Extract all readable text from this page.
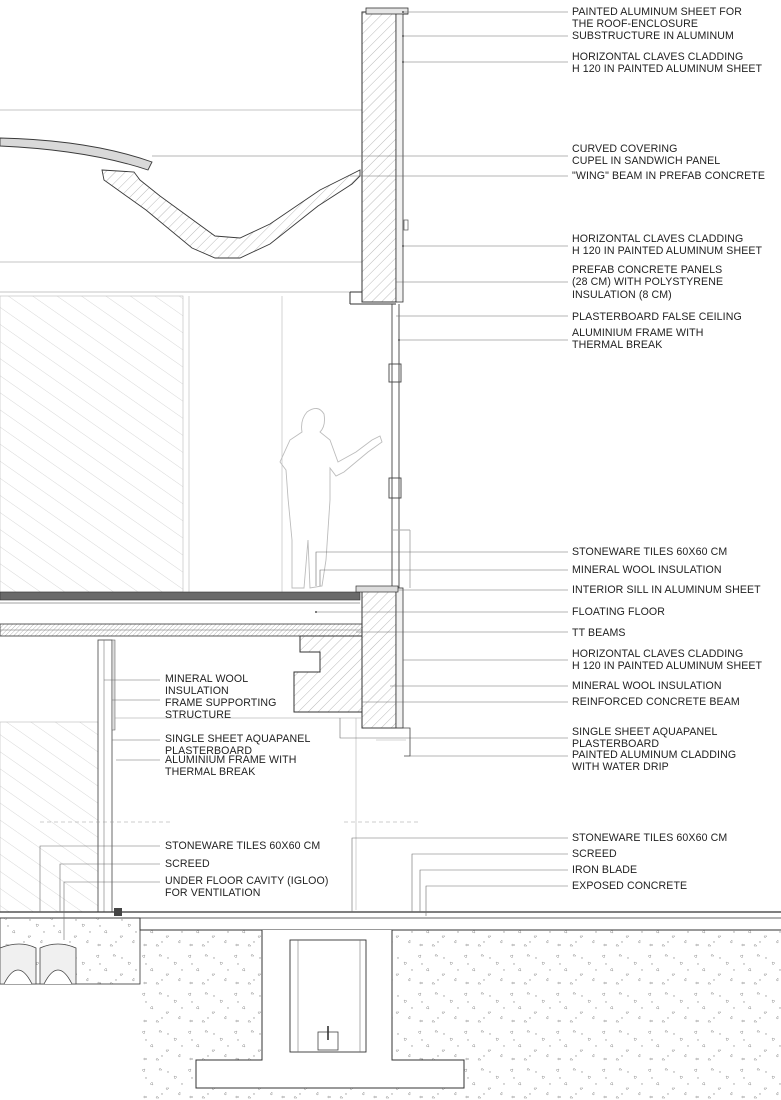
PAINTED ALUMINUM SHEET FOR
THE ROOF-ENCLOSURE
SUBSTRUCTURE IN ALUMINUM
HORIZONTAL CLAVES CLADDING
H 120 IN PAINTED ALUMINUM SHEET
CURVED COVERING
CUPEL IN SANDWICH PANEL
"WING" BEAM IN PREFAB CONCRETE
HORIZONTAL CLAVES CLADDING
H 120 IN PAINTED ALUMINUM SHEET
PREFAB CONCRETE PANELS
(28 CM) WITH POLYSTYRENE
INSULATION (8 CM)
PLASTERBOARD FALSE CEILING
ALUMINIUM FRAME WITH
THERMAL BREAK
STONEWARE TILES 60X60 CM
MINERAL WOOL INSULATION
INTERIOR SILL IN ALUMINUM SHEET
FLOATING FLOOR
TT BEAMS
HORIZONTAL CLAVES CLADDING
H 120 IN PAINTED ALUMINUM SHEET
MINERAL WOOL INSULATION
REINFORCED CONCRETE BEAM
SINGLE SHEET AQUAPANEL
PLASTERBOARD
PAINTED ALUMINUM CLADDING
WITH WATER DRIP
STONEWARE TILES 60X60 CM
SCREED
IRON BLADE
EXPOSED CONCRETE
MINERAL WOOL
INSULATION
FRAME SUPPORTING
STRUCTURE
SINGLE SHEET AQUAPANEL
PLASTERBOARD
ALUMINIUM FRAME WITH
THERMAL BREAK
STONEWARE TILES 60X60 CM
SCREED
UNDER FLOOR CAVITY (IGLOO)
FOR VENTILATION
